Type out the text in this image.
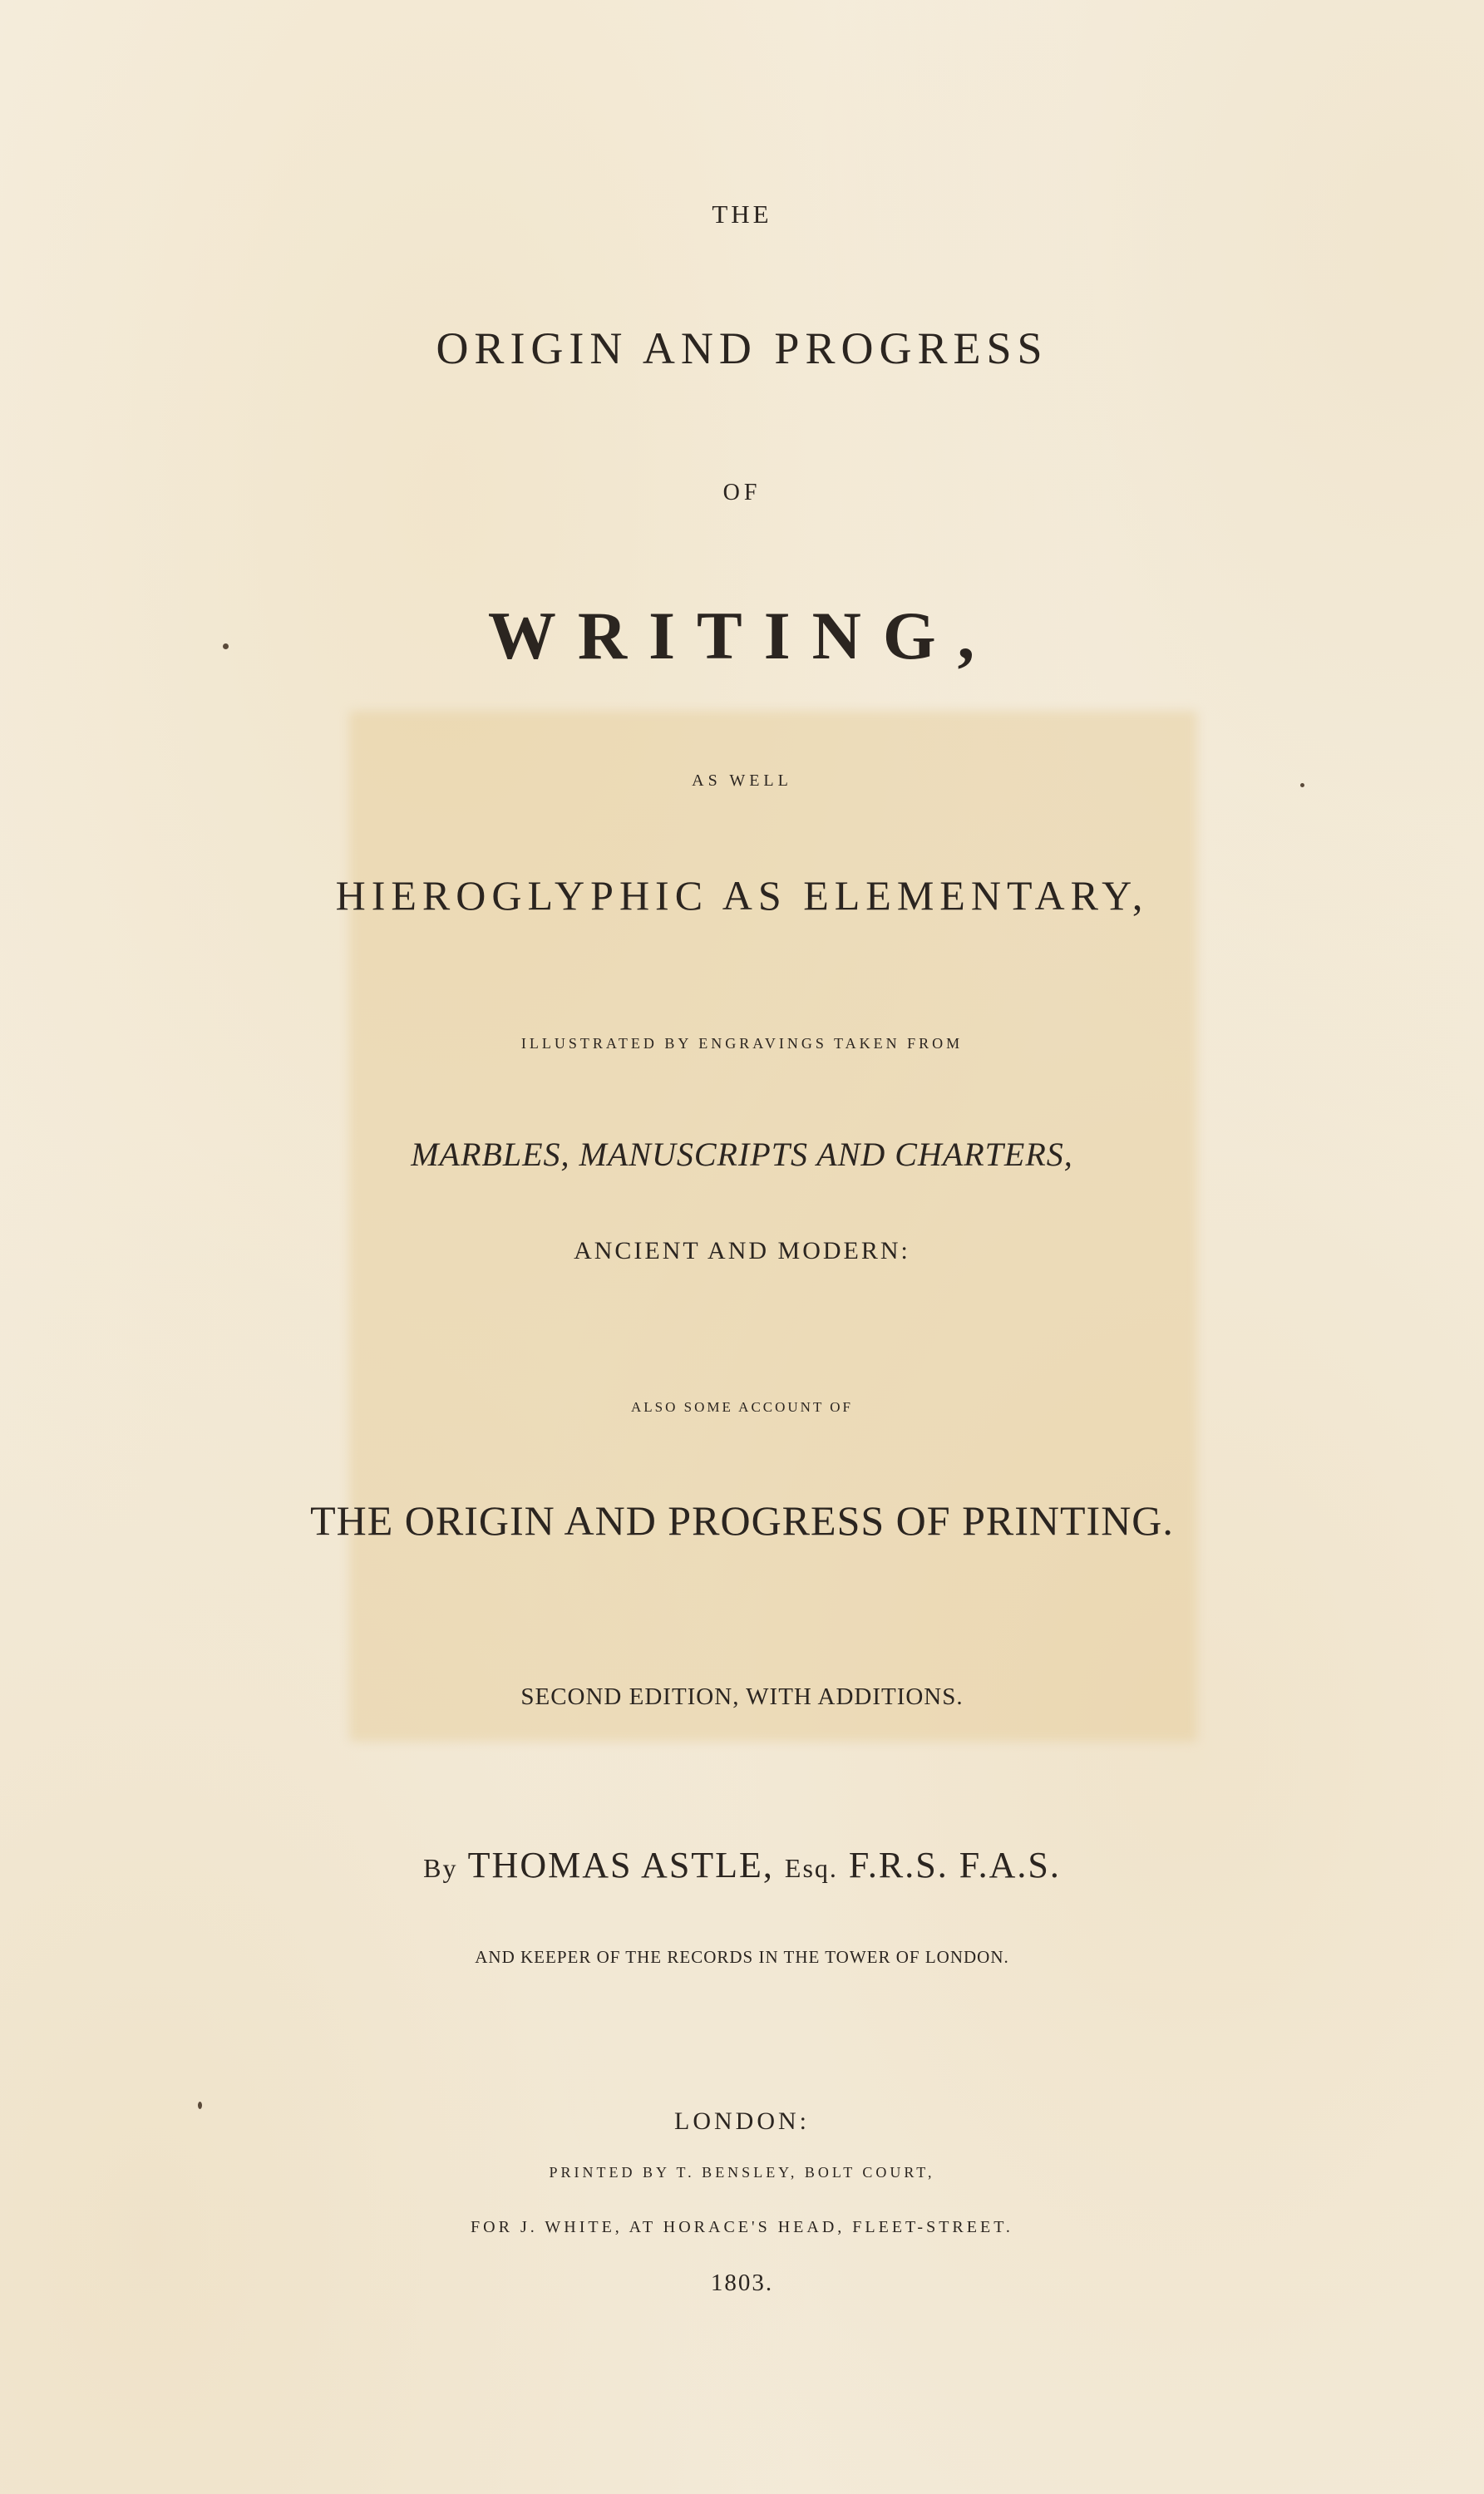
THE
ORIGIN AND PROGRESS
OF
WRITING,
AS WELL
HIEROGLYPHIC AS ELEMENTARY,
ILLUSTRATED BY ENGRAVINGS TAKEN FROM
MARBLES, MANUSCRIPTS AND CHARTERS,
ANCIENT AND MODERN:
ALSO SOME ACCOUNT OF
THE ORIGIN AND PROGRESS OF PRINTING.
SECOND EDITION, WITH ADDITIONS.
By THOMAS ASTLE, Esq. F.R.S. F.A.S.
AND KEEPER OF THE RECORDS IN THE TOWER OF LONDON.
LONDON:
PRINTED BY T. BENSLEY, BOLT COURT,
FOR J. WHITE, AT HORACE'S HEAD, FLEET-STREET.
1803.
